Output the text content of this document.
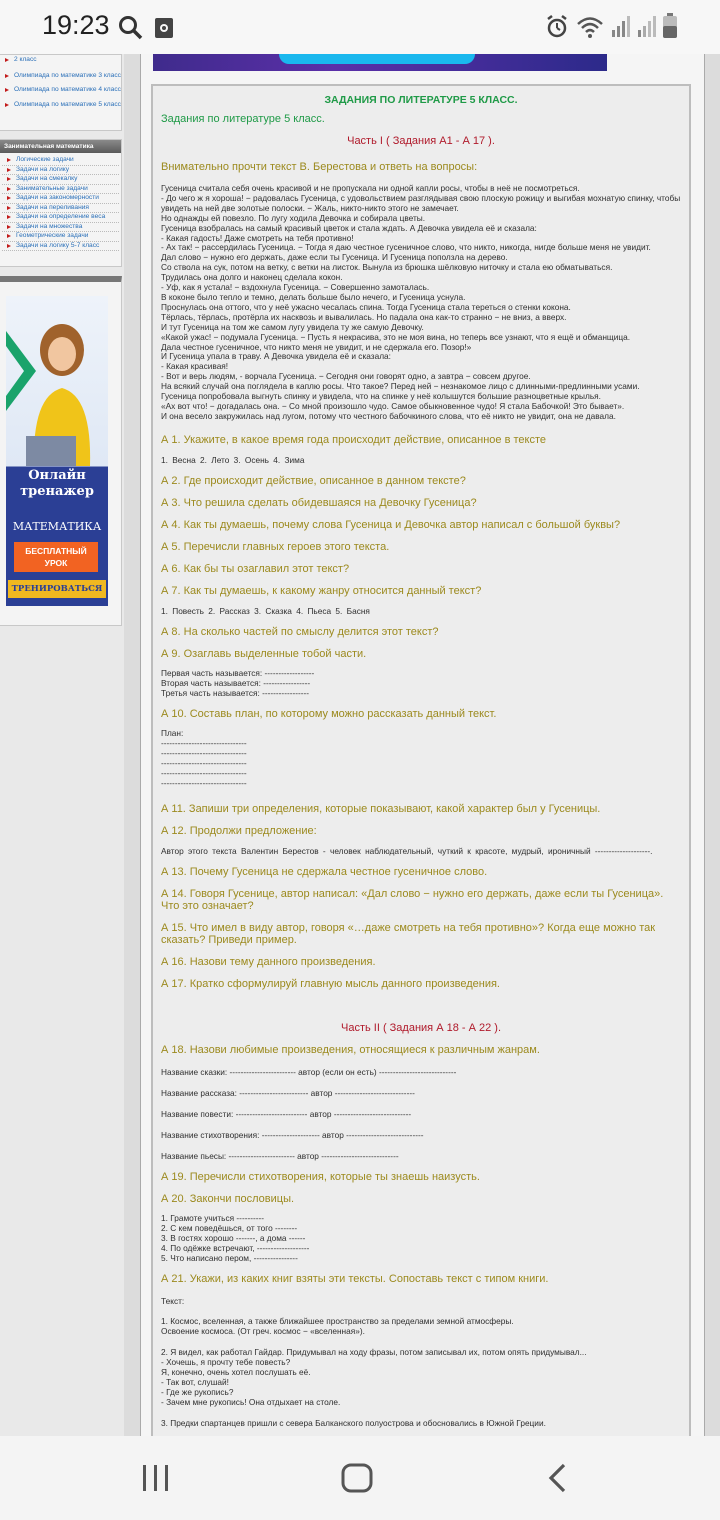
19:23
2 класс
Олимпиада по математике 3 класс
Олимпиада по математике 4 класс
Олимпиада по математике 5 класс
Занимательная математика
Логические задачи
Задачи на логику
Задачи на смекалку
Занимательные задачи
Задачи на закономерности
Задачи на переливания
Задачи на определение веса
Задачи на множества
Геометрические задачи
Задачи на логику 5-7 класс
Онлайн
тренажер
МАТЕМАТИКА
БЕСПЛАТНЫЙ
УРОК
ТРЕНИРОВАТЬСЯ
ЗАДАНИЯ ПО ЛИТЕРАТУРЕ 5 КЛАСС.
Задания по литературе 5 класс.
Часть I ( Задания А1 - А 17 ).
Внимательно прочти текст В. Берестова и ответь на вопросы:

Гусеница считала себя очень красивой и не пропускала ни одной капли росы, чтобы в неё не посмотреться.

- До чего ж я хороша! − радовалась Гусеница, с удовольствием разглядывая свою плоскую рожицу и выгибая мохнатую спинку, чтобы увидеть на ней две золотые полоски. − Жаль, никто-никто этого не замечает.

Но однажды ей повезло. По лугу ходила Девочка и собирала цветы.

Гусеница взобралась на самый красивый цветок и стала ждать. А Девочка увидела её и сказала:

- Какая гадость! Даже смотреть на тебя противно!

- Ах так! − рассердилась Гусеница. − Тогда я даю честное гусеничное слово, что никто, никогда, нигде больше меня не увидит.

Дал слово − нужно его держать, даже если ты Гусеница. И Гусеница поползла на дерево.

Со ствола на сук, потом на ветку, с ветки на листок. Вынула из брюшка шёлковую ниточку и стала ею обматываться.

Трудилась она долго и наконец сделала кокон.

- Уф, как я устала! − вздохнула Гусеница. − Совершенно замоталась.

В коконе было тепло и темно, делать больше было нечего, и Гусеница уснула.

Проснулась она оттого, что у неё ужасно чесалась спина. Тогда Гусеница стала тереться о стенки кокона.

Тёрлась, тёрлась, протёрла их насквозь и вывалилась. Но падала она как-то странно − не вниз, а вверх.

И тут Гусеница на том же самом лугу увидела ту же самую Девочку.

«Какой ужас! − подумала Гусеница. − Пусть я некрасива, это не моя вина, но теперь все узнают, что я ещё и обманщица.

Дала честное гусеничное, что никто меня не увидит, и не сдержала его. Позор!»

И Гусеница упала в траву. А Девочка увидела её и сказала:

- Какая красивая!

- Вот и верь людям, - ворчала Гусеница. − Сегодня они говорят одно, а завтра − совсем другое.

На всякий случай она поглядела в каплю росы. Что такое? Перед ней − незнакомое лицо с длинными-предлинными усами.

Гусеница попробовала выгнуть спинку и увидела, что на спинке у неё колышутся большие разноцветные крылья.

«Ах вот что! − догадалась она. − Со мной произошло чудо. Самое обыкновенное чудо! Я стала Бабочкой! Это бывает».

И она весело закружилась над лугом, потому что честного бабочкиного слова, что её никто не увидит, она не давала.

А 1. Укажите, в какое время года происходит действие, описанное в тексте
1. Весна 2. Лето 3. Осень 4. Зима
А 2. Где происходит действие, описанное в данном тексте?
А 3. Что решила сделать обидевшаяся на Девочку Гусеница?
А 4. Как ты думаешь, почему слова Гусеница и Девочка автор написал с большой буквы?
А 5. Перечисли главных героев этого текста.
А 6. Как бы ты озаглавил этот текст?
А 7. Как ты думаешь, к какому жанру относится данный текст?
1. Повесть 2. Рассказ 3. Сказка 4. Пьеса 5. Басня
А 8. На сколько частей по смыслу делится этот текст?
А 9. Озаглавь выделенные тобой части.
Первая часть называется: ------------------
Вторая часть называется: -----------------
Третья часть называется: -----------------
А 10. Составь план, по которому можно рассказать данный текст.
План:
-------------------------------
-------------------------------
-------------------------------
-------------------------------
-------------------------------
А 11. Запиши три определения, которые показывают, какой характер был у Гусеницы.
А 12. Продолжи предложение:
Автор этого текста Валентин Берестов - человек наблюдательный, чуткий к красоте, мудрый, ироничный --------------------.
А 13. Почему Гусеница не сдержала честное гусеничное слово.
А 14. Говоря Гусенице, автор написал: «Дал слово − нужно его держать, даже если ты Гусеница». Что это означает?
А 15. Что имел в виду автор, говоря «…даже смотреть на тебя противно»? Когда еще можно так сказать? Приведи пример.
А 16. Назови тему данного произведения.
А 17. Кратко сформулируй главную мысль данного произведения.
Часть II ( Задания А 18 - А 22 ).
А 18. Назови любимые произведения, относящиеся к различным жанрам.
Название сказки: ------------------------ автор (если он есть) ----------------------------
Название рассказа: ------------------------- автор -----------------------------
Название повести: -------------------------- автор ----------------------------
Название стихотворения: --------------------- автор ----------------------------
Название пьесы: ------------------------ автор ----------------------------
А 19. Перечисли стихотворения, которые ты знаешь наизусть.
А 20. Закончи пословицы.
1. Грамоте учиться ----------
2. С кем поведёшься, от того --------
3. В гостях хорошо -------, а дома ------
4. По одёжке встречают, -------------------
5. Что написано пером, ----------------
А 21. Укажи, из каких книг взяты эти тексты. Сопоставь текст с типом книги.
Текст:
1. Космос, вселенная, а также ближайшее пространство за пределами земной атмосферы.
Освоение космоса. (От греч. космос − «вселенная»).
2. Я видел, как работал Гайдар. Придумывал на ходу фразы, потом записывал их, потом опять придумывал...
- Хочешь, я прочту тебе повесть?
Я, конечно, очень хотел послушать её.
- Так вот, слушай!
- Где же рукопись?
- Зачем мне рукопись! Она отдыхает на столе.
3. Предки спартанцев пришли с севера Балканского полуострова и обосновались в Южной Греции.
